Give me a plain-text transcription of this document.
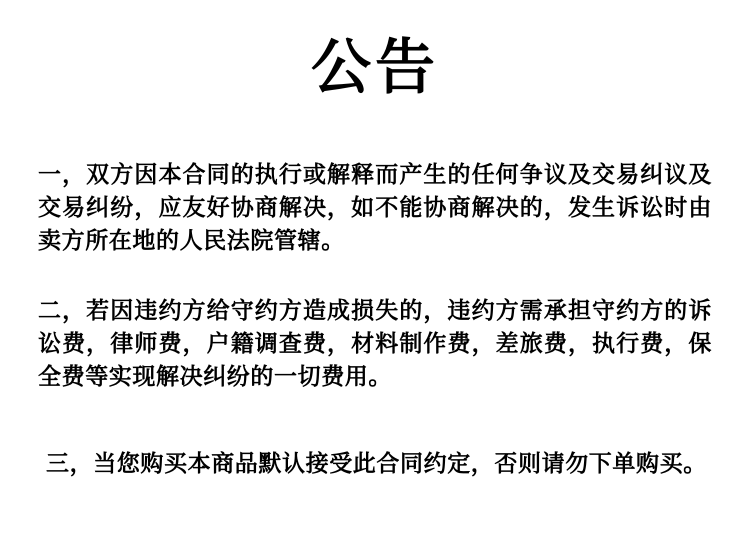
公告
一，双方因本合同的执行或解释而产生的任何争议及交易纠议及交易纠纷，应友好协商解决，如不能协商解决的，发生诉讼时由卖方所在地的人民法院管辖。
二，若因违约方给守约方造成损失的，违约方需承担守约方的诉讼费，律师费，户籍调查费，材料制作费，差旅费，执行费，保全费等实现解决纠纷的一切费用。
三，当您购买本商品默认接受此合同约定，否则请勿下单购买。
